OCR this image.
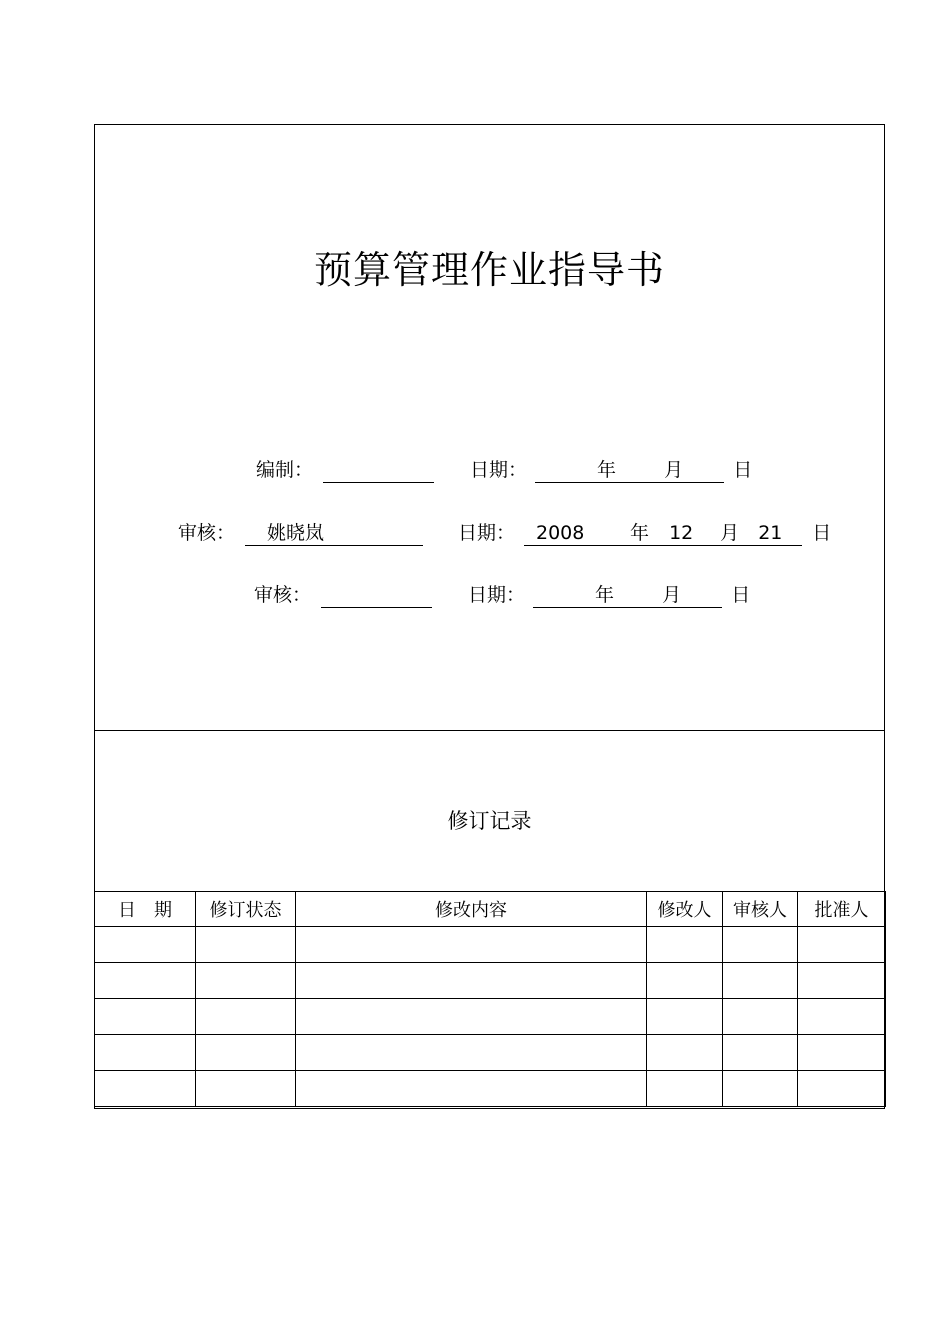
预算管理作业指导书
编制：	日期：	年	月	日
审核：	姚晓岚	日期： 2008 年 12 月 21 日
审核：	日期：	年	月	日
修订记录
日　期	修订状态	修改内容	修改人	审核人	批准人
